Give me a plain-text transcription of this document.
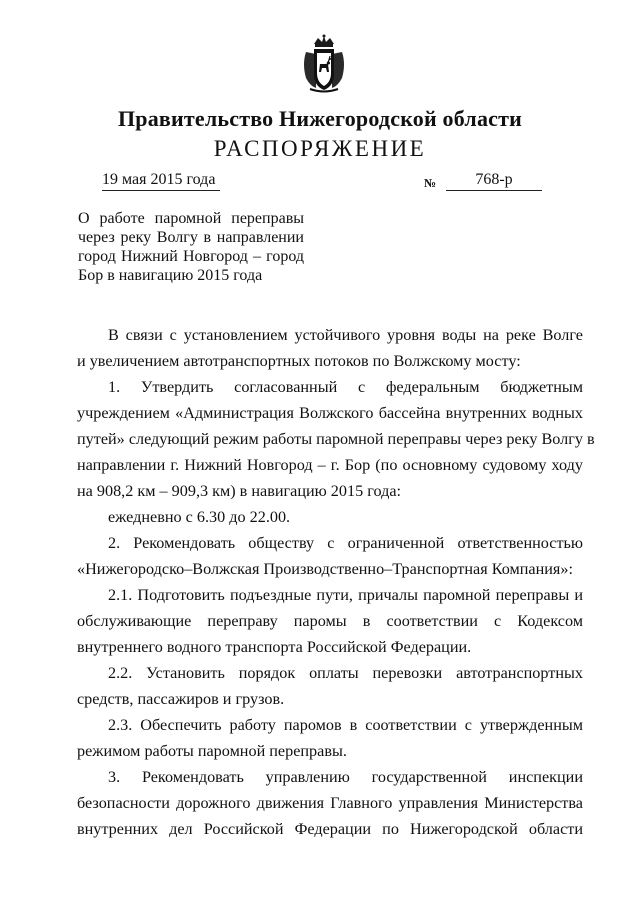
Правительство Нижегородской области
РАСПОРЯЖЕНИЕ
19 мая 2015 года	№	768-р
О работе паромной переправы
через реку Волгу в направлении
город Нижний Новгород – город
Бор в навигацию 2015 года

В связи с установлением устойчивого уровня воды на реке Волге

и увеличением автотранспортных потоков по Волжскому мосту:

1. Утвердить согласованный с федеральным бюджетным

учреждением «Администрация Волжского бассейна внутренних водных

путей» следующий режим работы паромной переправы через реку Волгу в

направлении г. Нижний Новгород – г. Бор (по основному судовому ходу

на 908,2 км – 909,3 км) в навигацию 2015 года:

ежедневно с 6.30 до 22.00.

2. Рекомендовать обществу с ограниченной ответственностью

«Нижегородско–Волжская Производственно–Транспортная Компания»:

2.1. Подготовить подъездные пути, причалы паромной переправы и

обслуживающие переправу паромы в соответствии с Кодексом

внутреннего водного транспорта Российской Федерации.

2.2. Установить порядок оплаты перевозки автотранспортных

средств, пассажиров и грузов.

2.3. Обеспечить работу паромов в соответствии с утвержденным

режимом работы паромной переправы.

3. Рекомендовать управлению государственной инспекции

безопасности дорожного движения Главного управления Министерства

внутренних дел Российской Федерации по Нижегородской области
